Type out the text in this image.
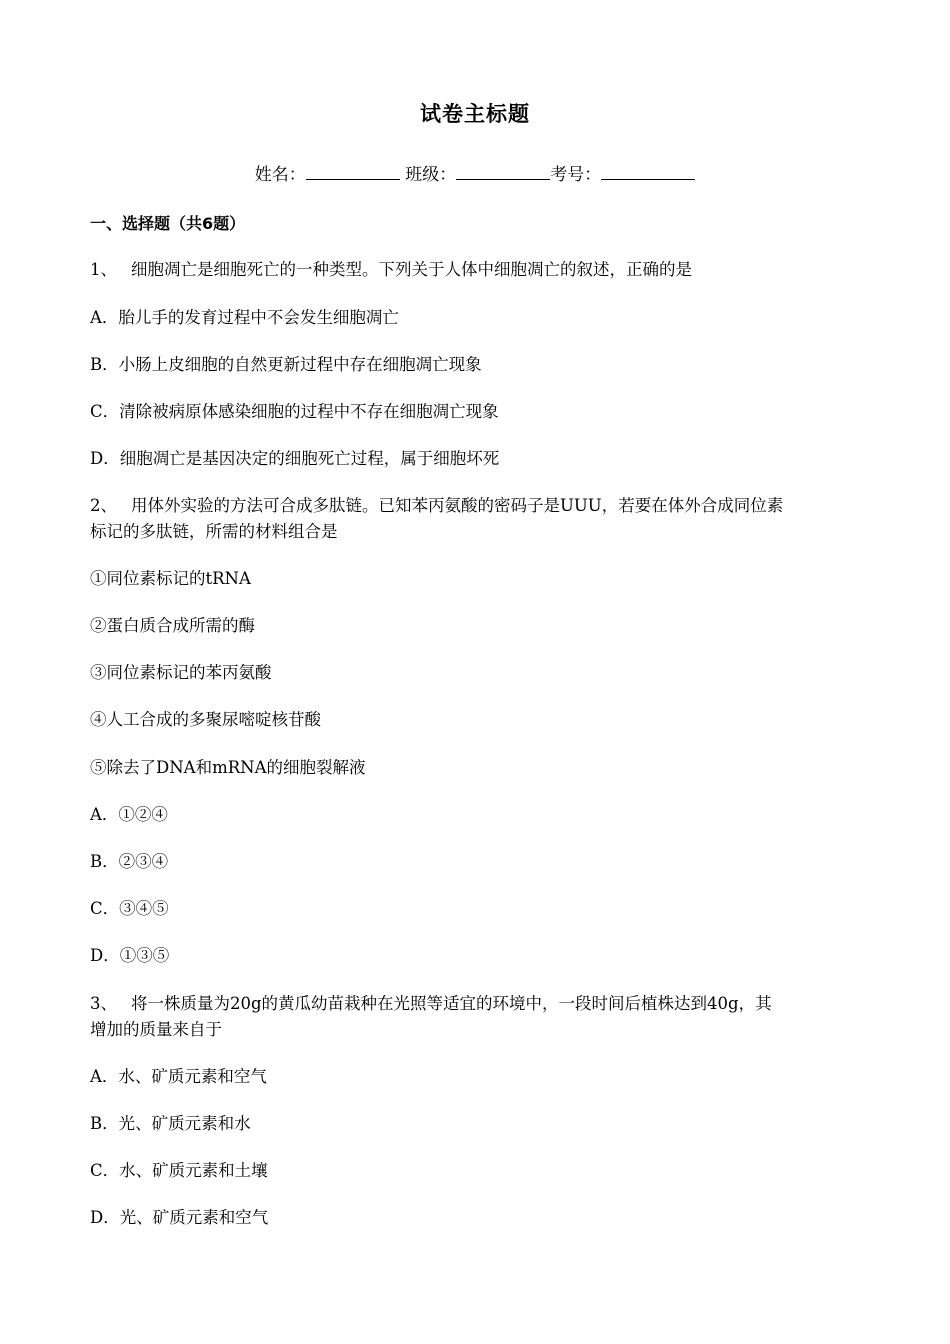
试卷主标题
姓名：	班级：	考号：
一、选择题（共6题）
1、 细胞凋亡是细胞死亡的一种类型。下列关于人体中细胞凋亡的叙述，正确的是
A．胎儿手的发育过程中不会发生细胞凋亡
B．小肠上皮细胞的自然更新过程中存在细胞凋亡现象
C．清除被病原体感染细胞的过程中不存在细胞凋亡现象
D．细胞凋亡是基因决定的细胞死亡过程，属于细胞坏死
2、 用体外实验的方法可合成多肽链。已知苯丙氨酸的密码子是UUU，若要在体外合成同位素
标记的多肽链，所需的材料组合是
①同位素标记的tRNA
②蛋白质合成所需的酶
③同位素标记的苯丙氨酸
④人工合成的多聚尿嘧啶核苷酸
⑤除去了DNA和mRNA的细胞裂解液
A．①②④
B．②③④
C．③④⑤
D．①③⑤
3、 将一株质量为20g的黄瓜幼苗栽种在光照等适宜的环境中，一段时间后植株达到40g，其
增加的质量来自于
A．水、矿质元素和空气
B．光、矿质元素和水
C．水、矿质元素和土壤
D．光、矿质元素和空气
